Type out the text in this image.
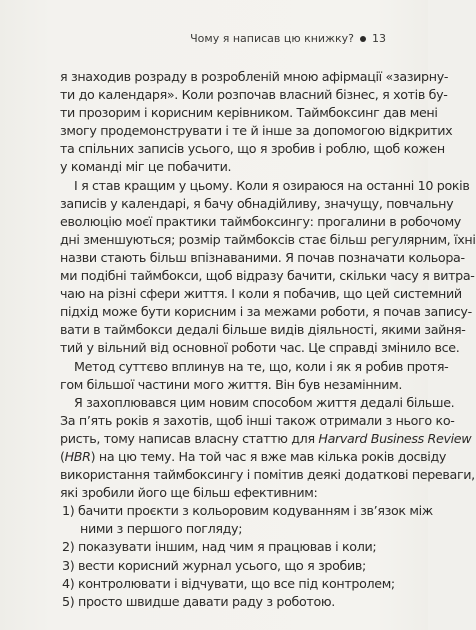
Чому я написав цю книжку? 13
я знаходив розраду в розробленій мною афірмації «зазирну-
ти до календаря». Коли розпочав власний бізнес, я хотів бу-
ти прозорим і корисним керівником. Таймбоксинг дав мені
змогу продемонструвати і те й інше за допомогою відкритих
та спільних записів усього, що я зробив і роблю, щоб кожен
у команді міг це побачити.
І я став кращим у цьому. Коли я озираюся на останні 10 років
записів у календарі, я бачу обнадійливу, значущу, повчальну
еволюцію моєї практики таймбоксингу: прогалини в робочому
дні зменшуються; розмір таймбоксів стає більш регулярним, їхні
назви стають більш впізнаваними. Я почав позначати кольора-
ми подібні таймбокси, щоб відразу бачити, скільки часу я витра-
чаю на різні сфери життя. І коли я побачив, що цей системний
підхід може бути корисним і за межами роботи, я почав запису-
вати в таймбокси дедалі більше видів діяльності, якими зайня-
тий у вільний від основної роботи час. Це справді змінило все.
Метод суттєво вплинув на те, що, коли і як я робив протя-
гом більшої частини мого життя. Він був незамінним.
Я захоплювався цим новим способом життя дедалі більше.
За п’ять років я захотів, щоб інші також отримали з нього ко-
ристь, тому написав власну статтю для Harvard Business Review
(HBR) на цю тему. На той час я вже мав кілька років досвіду
використання таймбоксингу і помітив деякі додаткові переваги,
які зробили його ще більш ефективним:
1) бачити проєкти з кольоровим кодуванням і зв’язок між
ними з першого погляду;
2) показувати іншим, над чим я працював і коли;
3) вести корисний журнал усього, що я зробив;
4) контролювати і відчувати, що все під контролем;
5) просто швидше давати раду з роботою.
